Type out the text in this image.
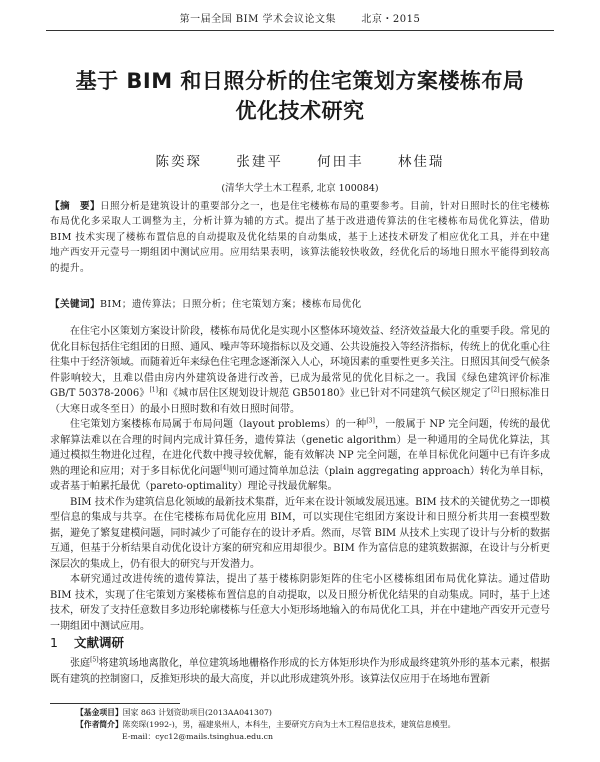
第一届全国 BIM 学术会议论文集	北京・2015
基于 BIM 和日照分析的住宅策划方案楼栋布局
优化技术研究
陈奕琛	张建平	何田丰	林佳瑞
(清华大学土木工程系, 北京 100084)
【摘　要】日照分析是建筑设计的重要部分之一，也是住宅楼栋布局的重要参考。目前，针对日照时长的住宅楼栋布局优化多采取人工调整为主，分析计算为辅的方式。提出了基于改进遗传算法的住宅楼栋布局优化算法，借助 BIM 技术实现了楼栋布置信息的自动提取及优化结果的自动集成，基于上述技术研发了相应优化工具，并在中建地产西安开元壹号一期组团中测试应用。应用结果表明，该算法能较快收敛，经优化后的场地日照水平能得到较高的提升。
【关键词】BIM；遗传算法；日照分析；住宅策划方案；楼栋布局优化

在住宅小区策划方案设计阶段，楼栋布局优化是实现小区整体环境效益、经济效益最大化的重要手段。常见的优化目标包括住宅组团的日照、通风、噪声等环境指标以及交通、公共设施投入等经济指标，传统上的优化重心往往集中于经济领域。而随着近年来绿色住宅理念逐渐深入人心，环境因素的重要性更多关注。日照因其间受气候条件影响较大，且难以借由房内外建筑设备进行改善，已成为最常见的优化目标之一。我国《绿色建筑评价标准 GB/T 50378-2006》[1]和《城市居住区规划设计规范 GB50180》业已针对不同建筑气候区规定了[2]日照标准日（大寒日或冬至日）的最小日照时数和有效日照时间带。

住宅策划方案楼栋布局属于布局问题（layout problems）的一种[3]，一般属于 NP 完全问题，传统的最优求解算法难以在合理的时间内完成计算任务，遗传算法（genetic algorithm）是一种通用的全局优化算法，其通过模拟生物进化过程，在进化代数中搜寻较优解，能有效解决 NP 完全问题，在单目标优化问题中已有许多成熟的理论和应用；对于多目标优化问题[4]则可通过简单加总法（plain aggregating approach）转化为单目标，或者基于帕累托最优（pareto-optimality）理论寻找最优解集。

BIM 技术作为建筑信息化领域的最新技术集群，近年来在设计领域发展迅速。BIM 技术的关键优势之一即模型信息的集成与共享。在住宅楼栋布局优化应用 BIM，可以实现住宅组团方案设计和日照分析共用一套模型数据，避免了繁复建模问题，同时减少了可能存在的设计矛盾。然而，尽管 BIM 从技术上实现了设计与分析的数据互通，但基于分析结果自动优化设计方案的研究和应用却很少。BIM 作为富信息的建筑数据源，在设计与分析更深层次的集成上，仍有很大的研究与开发潜力。

本研究通过改进传统的遗传算法，提出了基于楼栋阴影矩阵的住宅小区楼栋组团布局优化算法。通过借助 BIM 技术，实现了住宅策划方案楼栋布置信息的自动提取，以及日照分析优化结果的自动集成。同时，基于上述技术，研发了支持任意数目多边形轮廓楼栋与任意大小矩形场地输入的布局优化工具，并在中建地产西安开元壹号一期组团中测试应用。

1 文献调研

张庭[5]将建筑场地离散化，单位建筑场地栅格作形成的长方体矩形块作为形成最终建筑外形的基本元素，根据既有建筑的控制窗口，反推矩形块的最大高度，并以此形成建筑外形。该算法仅应用于在场地布置新

【基金项目】国家 863 计划资助项目(2013AA041307)
【作者简介】陈奕琛(1992-)，男，福建泉州人，本科生，主要研究方向为土木工程信息技术，建筑信息模型。
E-mail：cyc12@mails.tsinghua.edu.cn
